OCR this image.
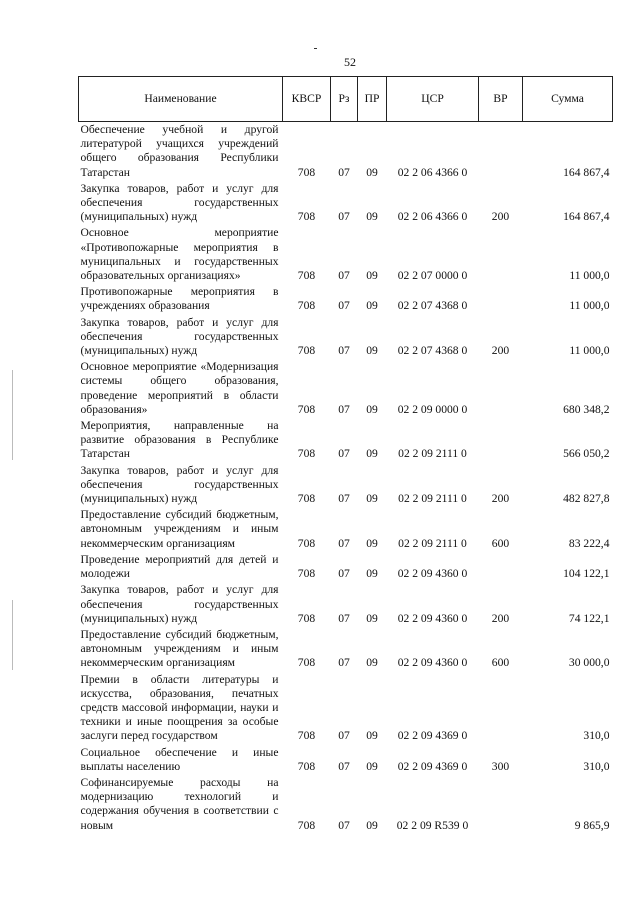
52
Наименование	КВСР	Рз	ПР	ЦСР	ВР	Сумма
Обеспечение учебной и другой литературой учащихся учреждений общего образования Республики Татарстан	708	07	09	02 2 06 4366 0		164 867,4
Закупка товаров, работ и услуг для обеспечения государственных (муниципальных) нужд	708	07	09	02 2 06 4366 0	200	164 867,4
Основное мероприятие «Противопожарные мероприятия в муниципальных и государственных образовательных организациях»	708	07	09	02 2 07 0000 0		11 000,0
Противопожарные мероприятия в учреждениях образования	708	07	09	02 2 07 4368 0		11 000,0
Закупка товаров, работ и услуг для обеспечения государственных (муниципальных) нужд	708	07	09	02 2 07 4368 0	200	11 000,0
Основное мероприятие «Модернизация системы общего образования, проведение мероприятий в области образования»	708	07	09	02 2 09 0000 0		680 348,2
Мероприятия, направленные на развитие образования в Республике Татарстан	708	07	09	02 2 09 2111 0		566 050,2
Закупка товаров, работ и услуг для обеспечения государственных (муниципальных) нужд	708	07	09	02 2 09 2111 0	200	482 827,8
Предоставление субсидий бюджетным, автономным учреждениям и иным некоммерческим организациям	708	07	09	02 2 09 2111 0	600	83 222,4
Проведение мероприятий для детей и молодежи	708	07	09	02 2 09 4360 0		104 122,1
Закупка товаров, работ и услуг для обеспечения государственных (муниципальных) нужд	708	07	09	02 2 09 4360 0	200	74 122,1
Предоставление субсидий бюджетным, автономным учреждениям и иным некоммерческим организациям	708	07	09	02 2 09 4360 0	600	30 000,0
Премии в области литературы и искусства, образования, печатных средств массовой информации, науки и техники и иные поощрения за особые заслуги перед государством	708	07	09	02 2 09 4369 0		310,0
Социальное обеспечение и иные выплаты населению	708	07	09	02 2 09 4369 0	300	310,0
Софинансируемые расходы на модернизацию технологий и содержания обучения в соответствии с новым	708	07	09	02 2 09 R539 0		9 865,9
